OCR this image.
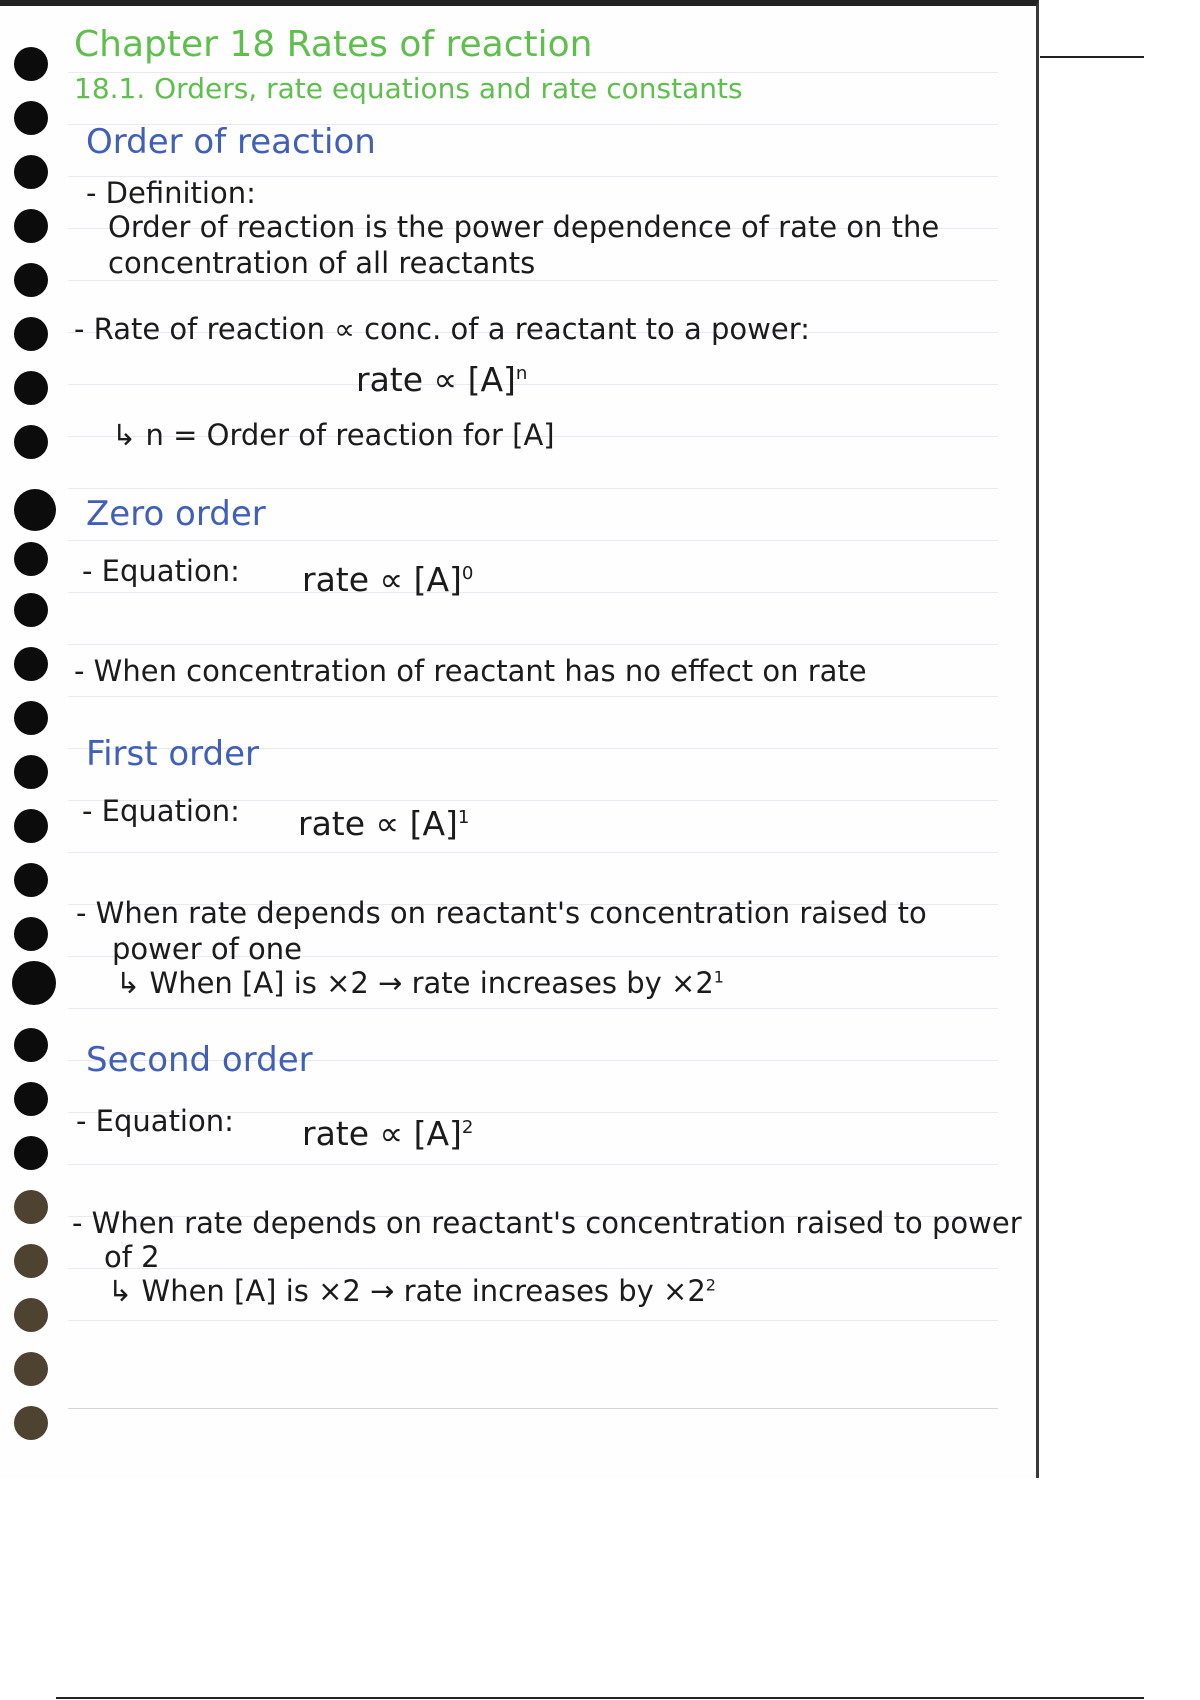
Chapter 18 Rates of reaction
18.1. Orders, rate equations and rate constants
Order of reaction
- Definition:
Order of reaction is the power dependence of rate on the
concentration of all reactants
- Rate of reaction ∝ conc. of a reactant to a power:
rate ∝ $[A]^n$
↳ n = Order of reaction for [A]
Zero order
- Equation: rate ∝ $[A]^0$
- When concentration of reactant has no effect on rate
First order
- Equation: rate ∝ $[A]^1$
- When rate depends on reactant's concentration raised to
power of one
↳ When [A] is ×2 → rate increases by $\times 2^1$
Second order
- Equation: rate ∝ $[A]^2$
- When rate depends on reactant's concentration raised to power
of 2
↳ When [A] is ×2 → rate increases by $\times 2^2$
